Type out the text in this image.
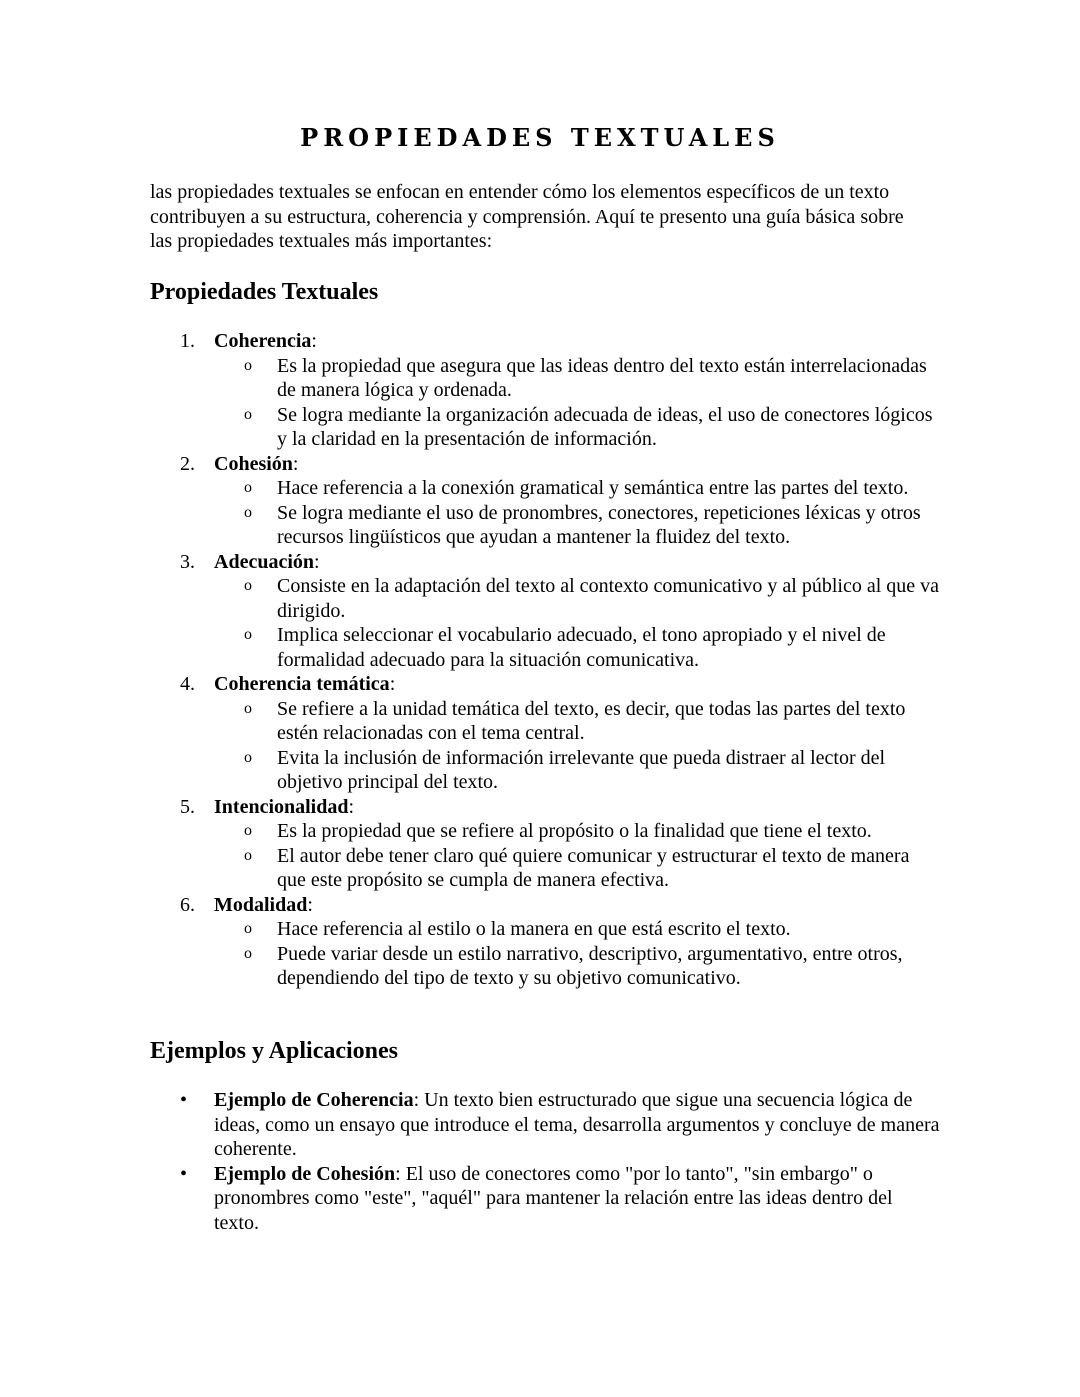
PROPIEDADES TEXTUALES

las propiedades textuales se enfocan en entender cómo los elementos específicos de un texto contribuyen a su estructura, coherencia y comprensión. Aquí te presento una guía básica sobre las propiedades textuales más importantes:

Propiedades Textuales
1. Coherencia:
o Es la propiedad que asegura que las ideas dentro del texto están interrelacionadas de manera lógica y ordenada.
o Se logra mediante la organización adecuada de ideas, el uso de conectores lógicos y la claridad en la presentación de información.
2. Cohesión:
o Hace referencia a la conexión gramatical y semántica entre las partes del texto.
o Se logra mediante el uso de pronombres, conectores, repeticiones léxicas y otros recursos lingüísticos que ayudan a mantener la fluidez del texto.
3. Adecuación:
o Consiste en la adaptación del texto al contexto comunicativo y al público al que va dirigido.
o Implica seleccionar el vocabulario adecuado, el tono apropiado y el nivel de formalidad adecuado para la situación comunicativa.
4. Coherencia temática:
o Se refiere a la unidad temática del texto, es decir, que todas las partes del texto estén relacionadas con el tema central.
o Evita la inclusión de información irrelevante que pueda distraer al lector del objetivo principal del texto.
5. Intencionalidad:
o Es la propiedad que se refiere al propósito o la finalidad que tiene el texto.
o El autor debe tener claro qué quiere comunicar y estructurar el texto de manera que este propósito se cumpla de manera efectiva.
6. Modalidad:
o Hace referencia al estilo o la manera en que está escrito el texto.
o Puede variar desde un estilo narrativo, descriptivo, argumentativo, entre otros, dependiendo del tipo de texto y su objetivo comunicativo.
Ejemplos y Aplicaciones
• Ejemplo de Coherencia: Un texto bien estructurado que sigue una secuencia lógica de ideas, como un ensayo que introduce el tema, desarrolla argumentos y concluye de manera coherente.
• Ejemplo de Cohesión: El uso de conectores como "por lo tanto", "sin embargo" o pronombres como "este", "aquél" para mantener la relación entre las ideas dentro del texto.
